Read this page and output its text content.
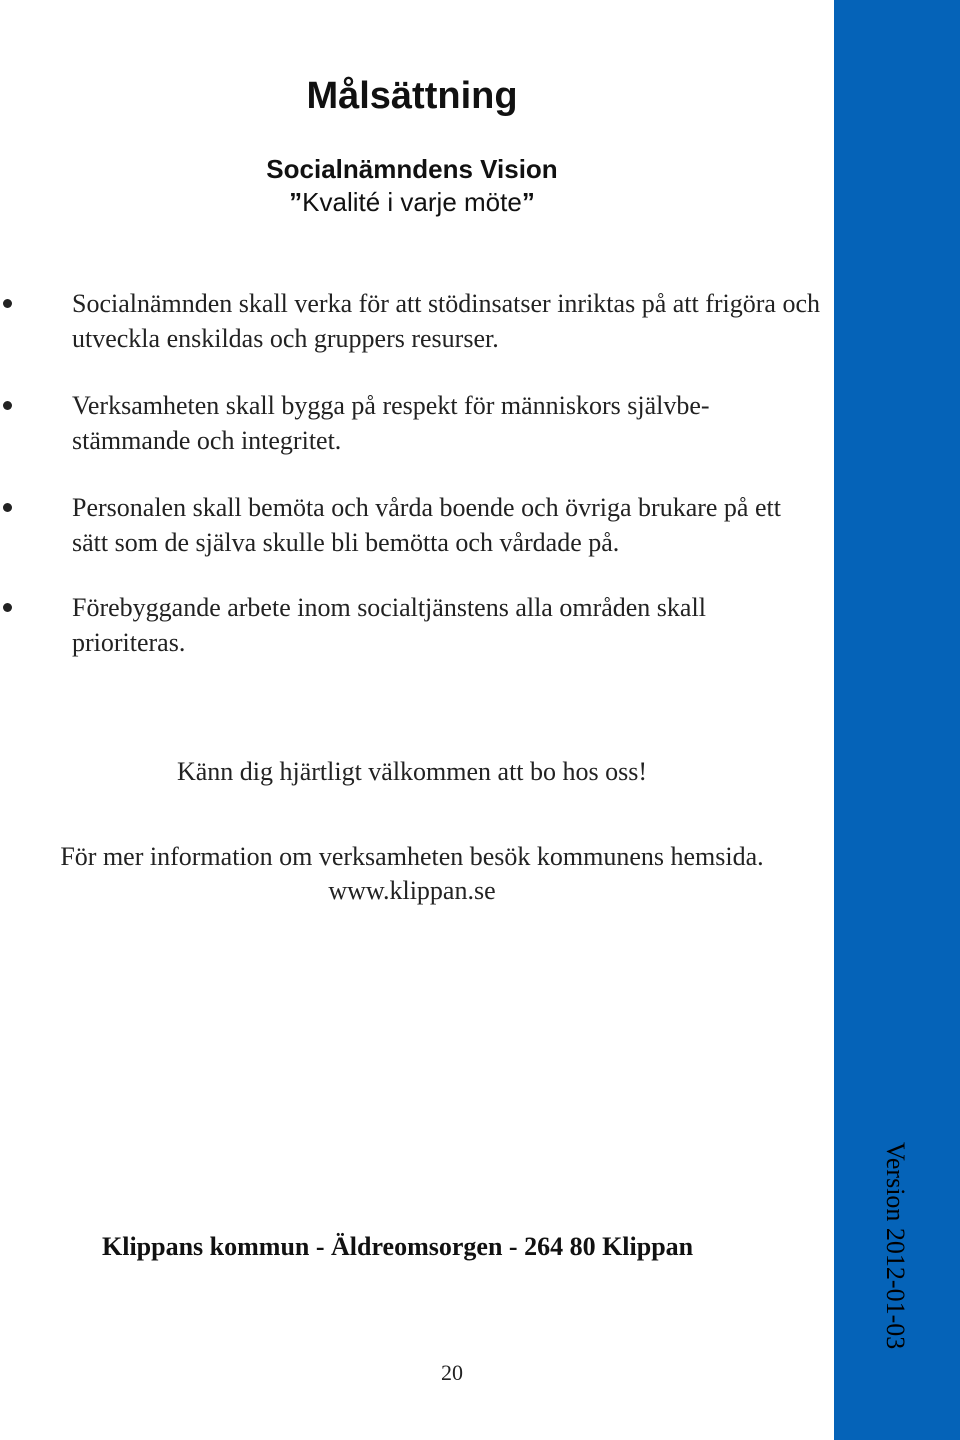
Version 2012-01-03
Målsättning
Socialnämndens Vision

”Kvalité i varje möte”

Socialnämnden skall verka för att stödinsatser inriktas på att frigöra och utveckla enskildas och gruppers resurser.
Verksamheten skall bygga på respekt för människors självbe-stämmande och integritet.
Personalen skall bemöta och vårda boende och övriga brukare på ett sätt som de själva skulle bli bemötta och vårdade på.
Förebyggande arbete inom socialtjänstens alla områden skall prioriteras.

Känn dig hjärtligt välkommen att bo hos oss!

För mer information om verksamheten besök kommunens hemsida.
www.klippan.se

Klippans kommun - Äldreomsorgen - 264 80 Klippan

20
